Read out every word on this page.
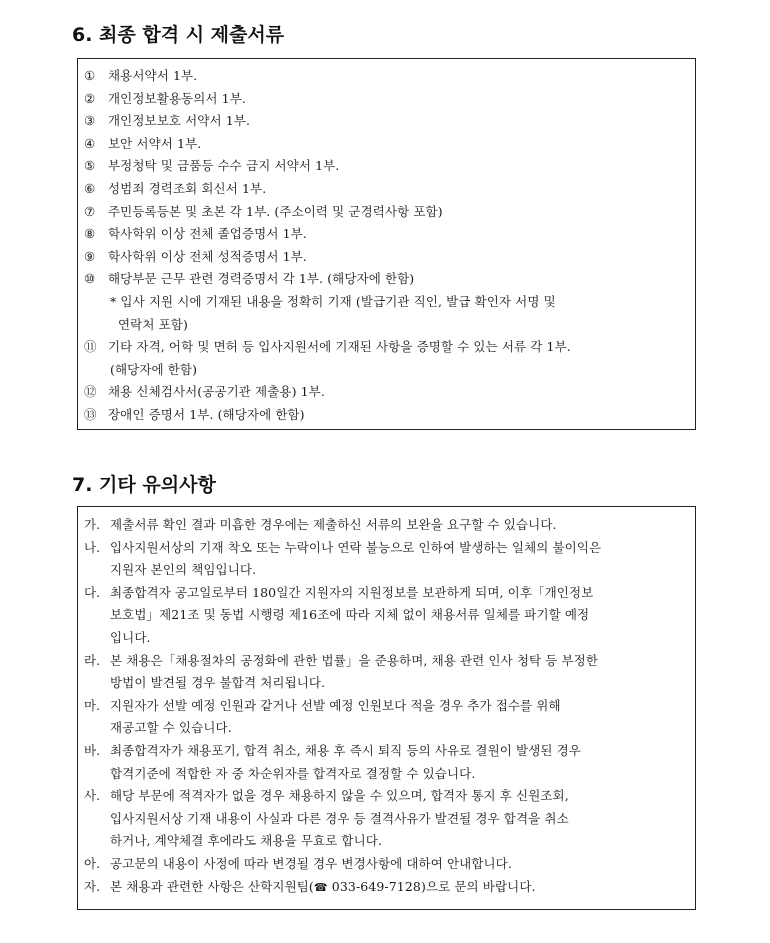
6. 최종 합격 시 제출서류
① 채용서약서 1부.
② 개인정보활용동의서 1부.
③ 개인정보보호 서약서 1부.
④ 보안 서약서 1부.
⑤ 부정청탁 및 금품등 수수 금지 서약서 1부.
⑥ 성범죄 경력조회 회신서 1부.
⑦ 주민등록등본 및 초본 각 1부. (주소이력 및 군경력사항 포함)
⑧ 학사학위 이상 전체 졸업증명서 1부.
⑨ 학사학위 이상 전체 성적증명서 1부.
⑩ 해당부문 근무 관련 경력증명서 각 1부. (해당자에 한함)
* 입사 지원 시에 기재된 내용을 정확히 기재 (발급기관 직인, 발급 확인자 서명 및
연락처 포함)
⑪ 기타 자격, 어학 및 면허 등 입사지원서에 기재된 사항을 증명할 수 있는 서류 각 1부.
(해당자에 한함)
⑫ 채용 신체검사서(공공기관 제출용) 1부.
⑬ 장애인 증명서 1부. (해당자에 한함)
7. 기타 유의사항
가. 제출서류 확인 결과 미흡한 경우에는 제출하신 서류의 보완을 요구할 수 있습니다.
나. 입사지원서상의 기재 착오 또는 누락이나 연락 불능으로 인하여 발생하는 일체의 불이익은
지원자 본인의 책임입니다.
다. 최종합격자 공고일로부터 180일간 지원자의 지원정보를 보관하게 되며, 이후「개인정보
보호법」제21조 및 동법 시행령 제16조에 따라 지체 없이 채용서류 일체를 파기할 예정
입니다.
라. 본 채용은「채용절차의 공정화에 관한 법률」을 준용하며, 채용 관련 인사 청탁 등 부정한
방법이 발견될 경우 불합격 처리됩니다.
마. 지원자가 선발 예정 인원과 같거나 선발 예정 인원보다 적을 경우 추가 접수를 위해
재공고할 수 있습니다.
바. 최종합격자가 채용포기, 합격 취소, 채용 후 즉시 퇴직 등의 사유로 결원이 발생된 경우
합격기준에 적합한 자 중 차순위자를 합격자로 결정할 수 있습니다.
사. 해당 부문에 적격자가 없을 경우 채용하지 않을 수 있으며, 합격자 통지 후 신원조회,
입사지원서상 기재 내용이 사실과 다른 경우 등 결격사유가 발견될 경우 합격을 취소
하거나, 계약체결 후에라도 채용을 무효로 합니다.
아. 공고문의 내용이 사정에 따라 변경될 경우 변경사항에 대하여 안내합니다.
자. 본 채용과 관련한 사항은 산학지원팀(☎ 033-649-7128)으로 문의 바랍니다.
